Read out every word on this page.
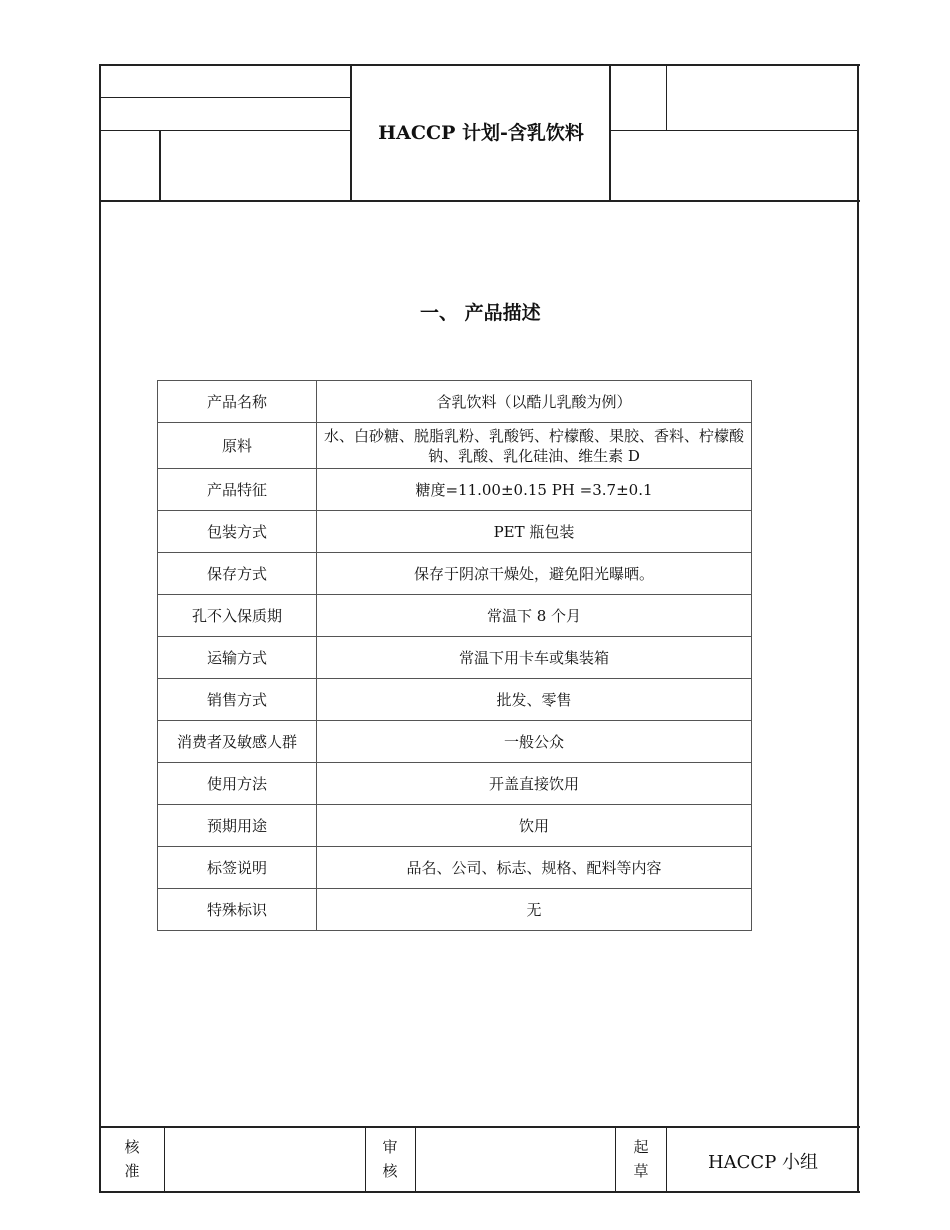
HACCP 计划-含乳饮料
一、 产品描述
产品名称	含乳饮料（以酷儿乳酸为例）
原料	水、白砂糖、脱脂乳粉、乳酸钙、柠檬酸、果胶、香料、柠檬酸钠、乳酸、乳化硅油、维生素 D
产品特征	糖度=11.00±0.15 PH =3.7±0.1
包装方式	PET 瓶包装
保存方式	保存于阴凉干燥处，避免阳光曝晒。
孔不入保质期	常温下 8 个月
运输方式	常温下用卡车或集装箱
销售方式	批发、零售
消费者及敏感人群	一般公众
使用方法	开盖直接饮用
预期用途	饮用
标签说明	品名、公司、标志、规格、配料等内容
特殊标识	无
核准
审核
起草	HACCP 小组
